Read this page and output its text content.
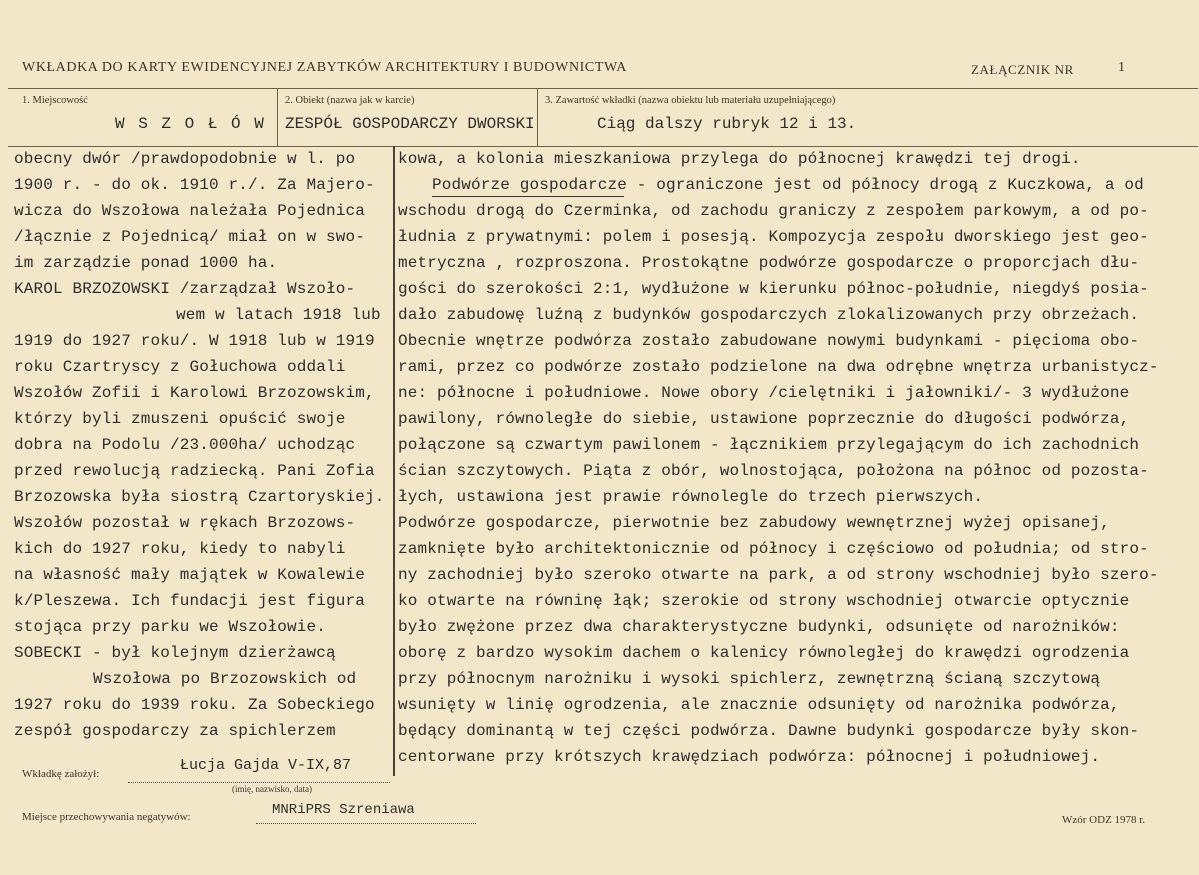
WKŁADKA DO KARTY EWIDENCYJNEJ ZABYTKÓW ARCHITEKTURY I BUDOWNICTWA	ZAŁĄCZNIK NR	1
1. Miejscowość
W S Z O Ł Ó W
2. Obiekt (nazwa jak w karcie)
ZESPÓŁ GOSPODARCZY DWORSKI
3. Zawartość wkładki (nazwa obiektu lub materiału uzupełniającego)
Ciąg dalszy rubryk 12 i 13.
obecny dwór /prawdopodobnie w l. po
1900 r. - do ok. 1910 r./. Za Majero-
wicza do Wszołowa należała Pojednica
/łącznie z Pojednicą/ miał on w swo-
im zarządzie ponad 1000 ha.
KAROL BRZOZOWSKI /zarządzał Wszoło-
wem w latach 1918 lub
1919 do 1927 roku/. W 1918 lub w 1919
roku Czartryscy z Gołuchowa oddali
Wszołów Zofii i Karolowi Brzozowskim,
którzy byli zmuszeni opuścić swoje
dobra na Podolu /23.000ha/ uchodząc
przed rewolucją radziecką. Pani Zofia
Brzozowska była siostrą Czartoryskiej.
Wszołów pozostał w rękach Brzozows-
kich do 1927 roku, kiedy to nabyli
na własność mały majątek w Kowalewie
k/Pleszewa. Ich fundacji jest figura
stojąca przy parku we Wszołowie.
SOBECKI - był kolejnym dzierżawcą
Wszołowa po Brzozowskich od
1927 roku do 1939 roku. Za Sobeckiego
zespół gospodarczy za spichlerzem
kowa, a kolonia mieszkaniowa przylega do północnej krawędzi tej drogi.
Podwórze gospodarcze - ograniczone jest od północy drogą z Kuczkowa, a od
wschodu drogą do Czerminka, od zachodu graniczy z zespołem parkowym, a od po-
łudnia z prywatnymi: polem i posesją. Kompozycja zespołu dworskiego jest geo-
metryczna , rozproszona. Prostokątne podwórze gospodarcze o proporcjach dłu-
gości do szerokości 2:1, wydłużone w kierunku północ-południe, niegdyś posia-
dało zabudowę luźną z budynków gospodarczych zlokalizowanych przy obrzeżach.
Obecnie wnętrze podwórza zostało zabudowane nowymi budynkami - pięcioma obo-
rami, przez co podwórze zostało podzielone na dwa odrębne wnętrza urbanistycz-
ne: północne i południowe. Nowe obory /cielętniki i jałowniki/- 3 wydłużone
pawilony, równoległe do siebie, ustawione poprzecznie do długości podwórza,
połączone są czwartym pawilonem - łącznikiem przylegającym do ich zachodnich
ścian szczytowych. Piąta z obór, wolnostojąca, położona na północ od pozosta-
łych, ustawiona jest prawie równolegle do trzech pierwszych.
Podwórze gospodarcze, pierwotnie bez zabudowy wewnętrznej wyżej opisanej,
zamknięte było architektonicznie od północy i częściowo od południa; od stro-
ny zachodniej było szeroko otwarte na park, a od strony wschodniej było szero-
ko otwarte na równinę łąk; szerokie od strony wschodniej otwarcie optycznie
było zwężone przez dwa charakterystyczne budynki, odsunięte od narożników:
oborę z bardzo wysokim dachem o kalenicy równoległej do krawędzi ogrodzenia
przy północnym narożniku i wysoki spichlerz, zewnętrzną ścianą szczytową
wsunięty w linię ogrodzenia, ale znacznie odsunięty od narożnika podwórza,
będący dominantą w tej części podwórza. Dawne budynki gospodarcze były skon-
centorwane przy krótszych krawędziach podwórza: północnej i południowej.
Wkładkę założył:	Łucja Gajda V-IX,87
(imię, nazwisko, data)
Miejsce przechowywania negatywów:	MNRiPRS Szreniawa
Wzór ODZ 1978 r.
